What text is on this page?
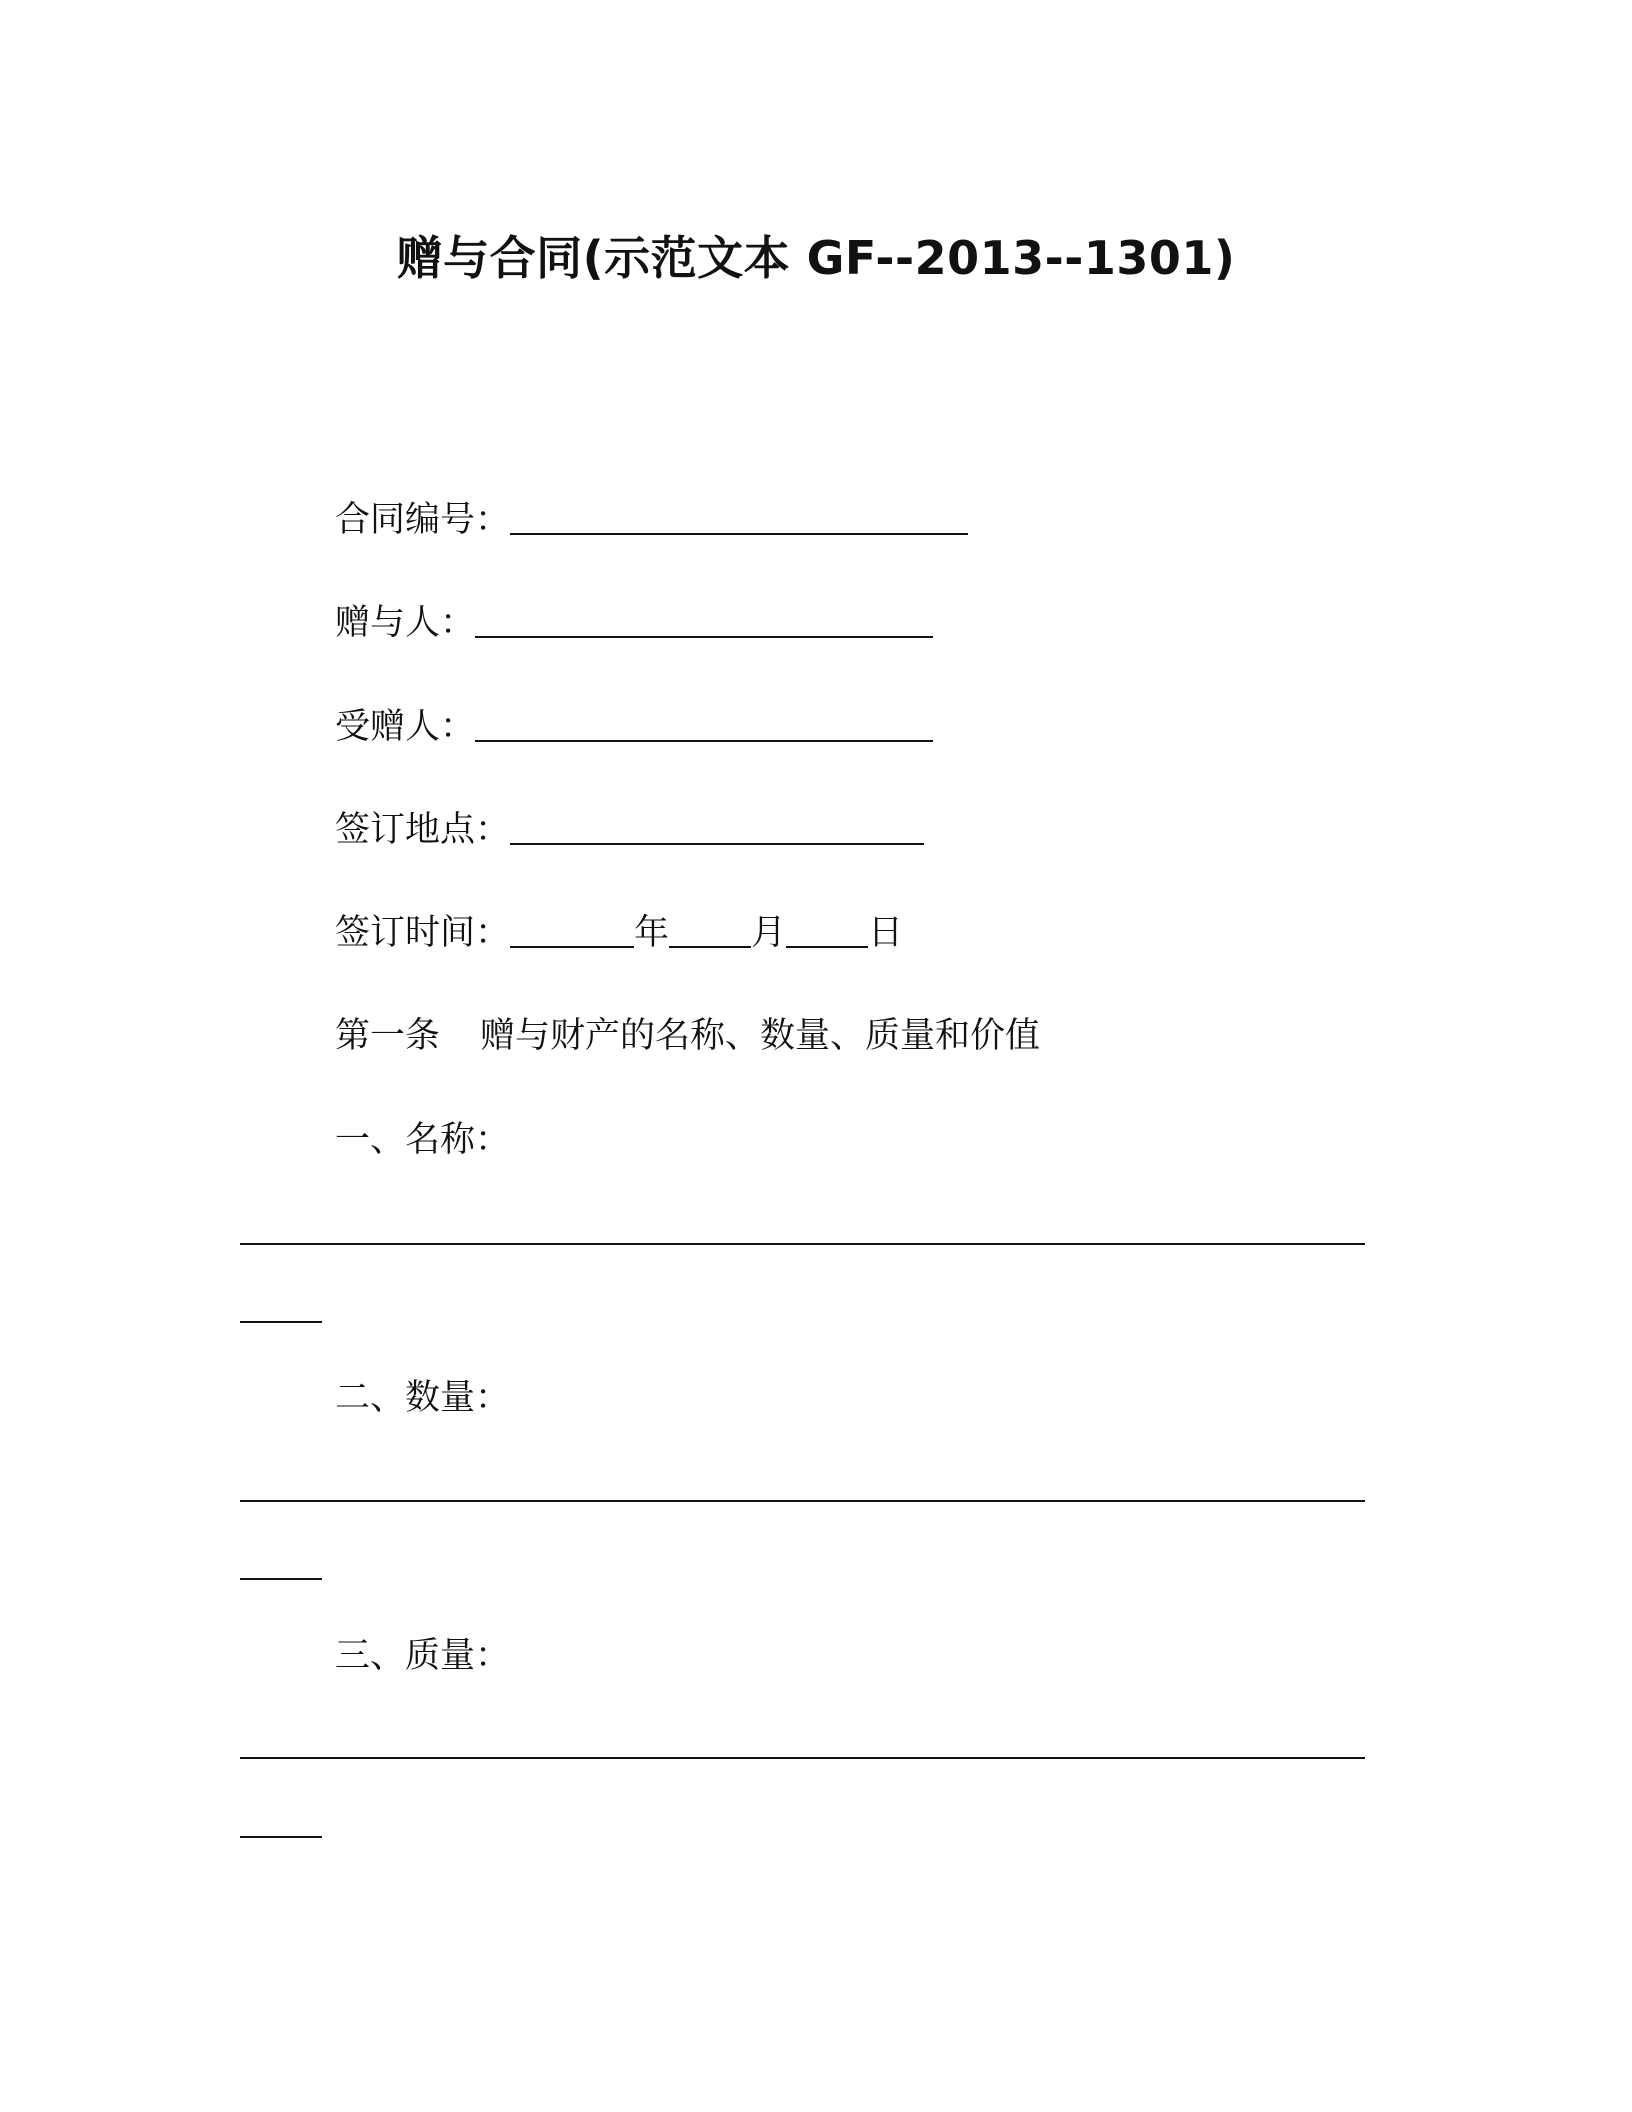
赠与合同(示范文本 GF--2013--1301)
合同编号：
赠与人：
受赠人：
签订地点：
签订时间：	年 月 日
第一条 赠与财产的名称、数量、质量和价值
一、名称：
二、数量：
三、质量：
